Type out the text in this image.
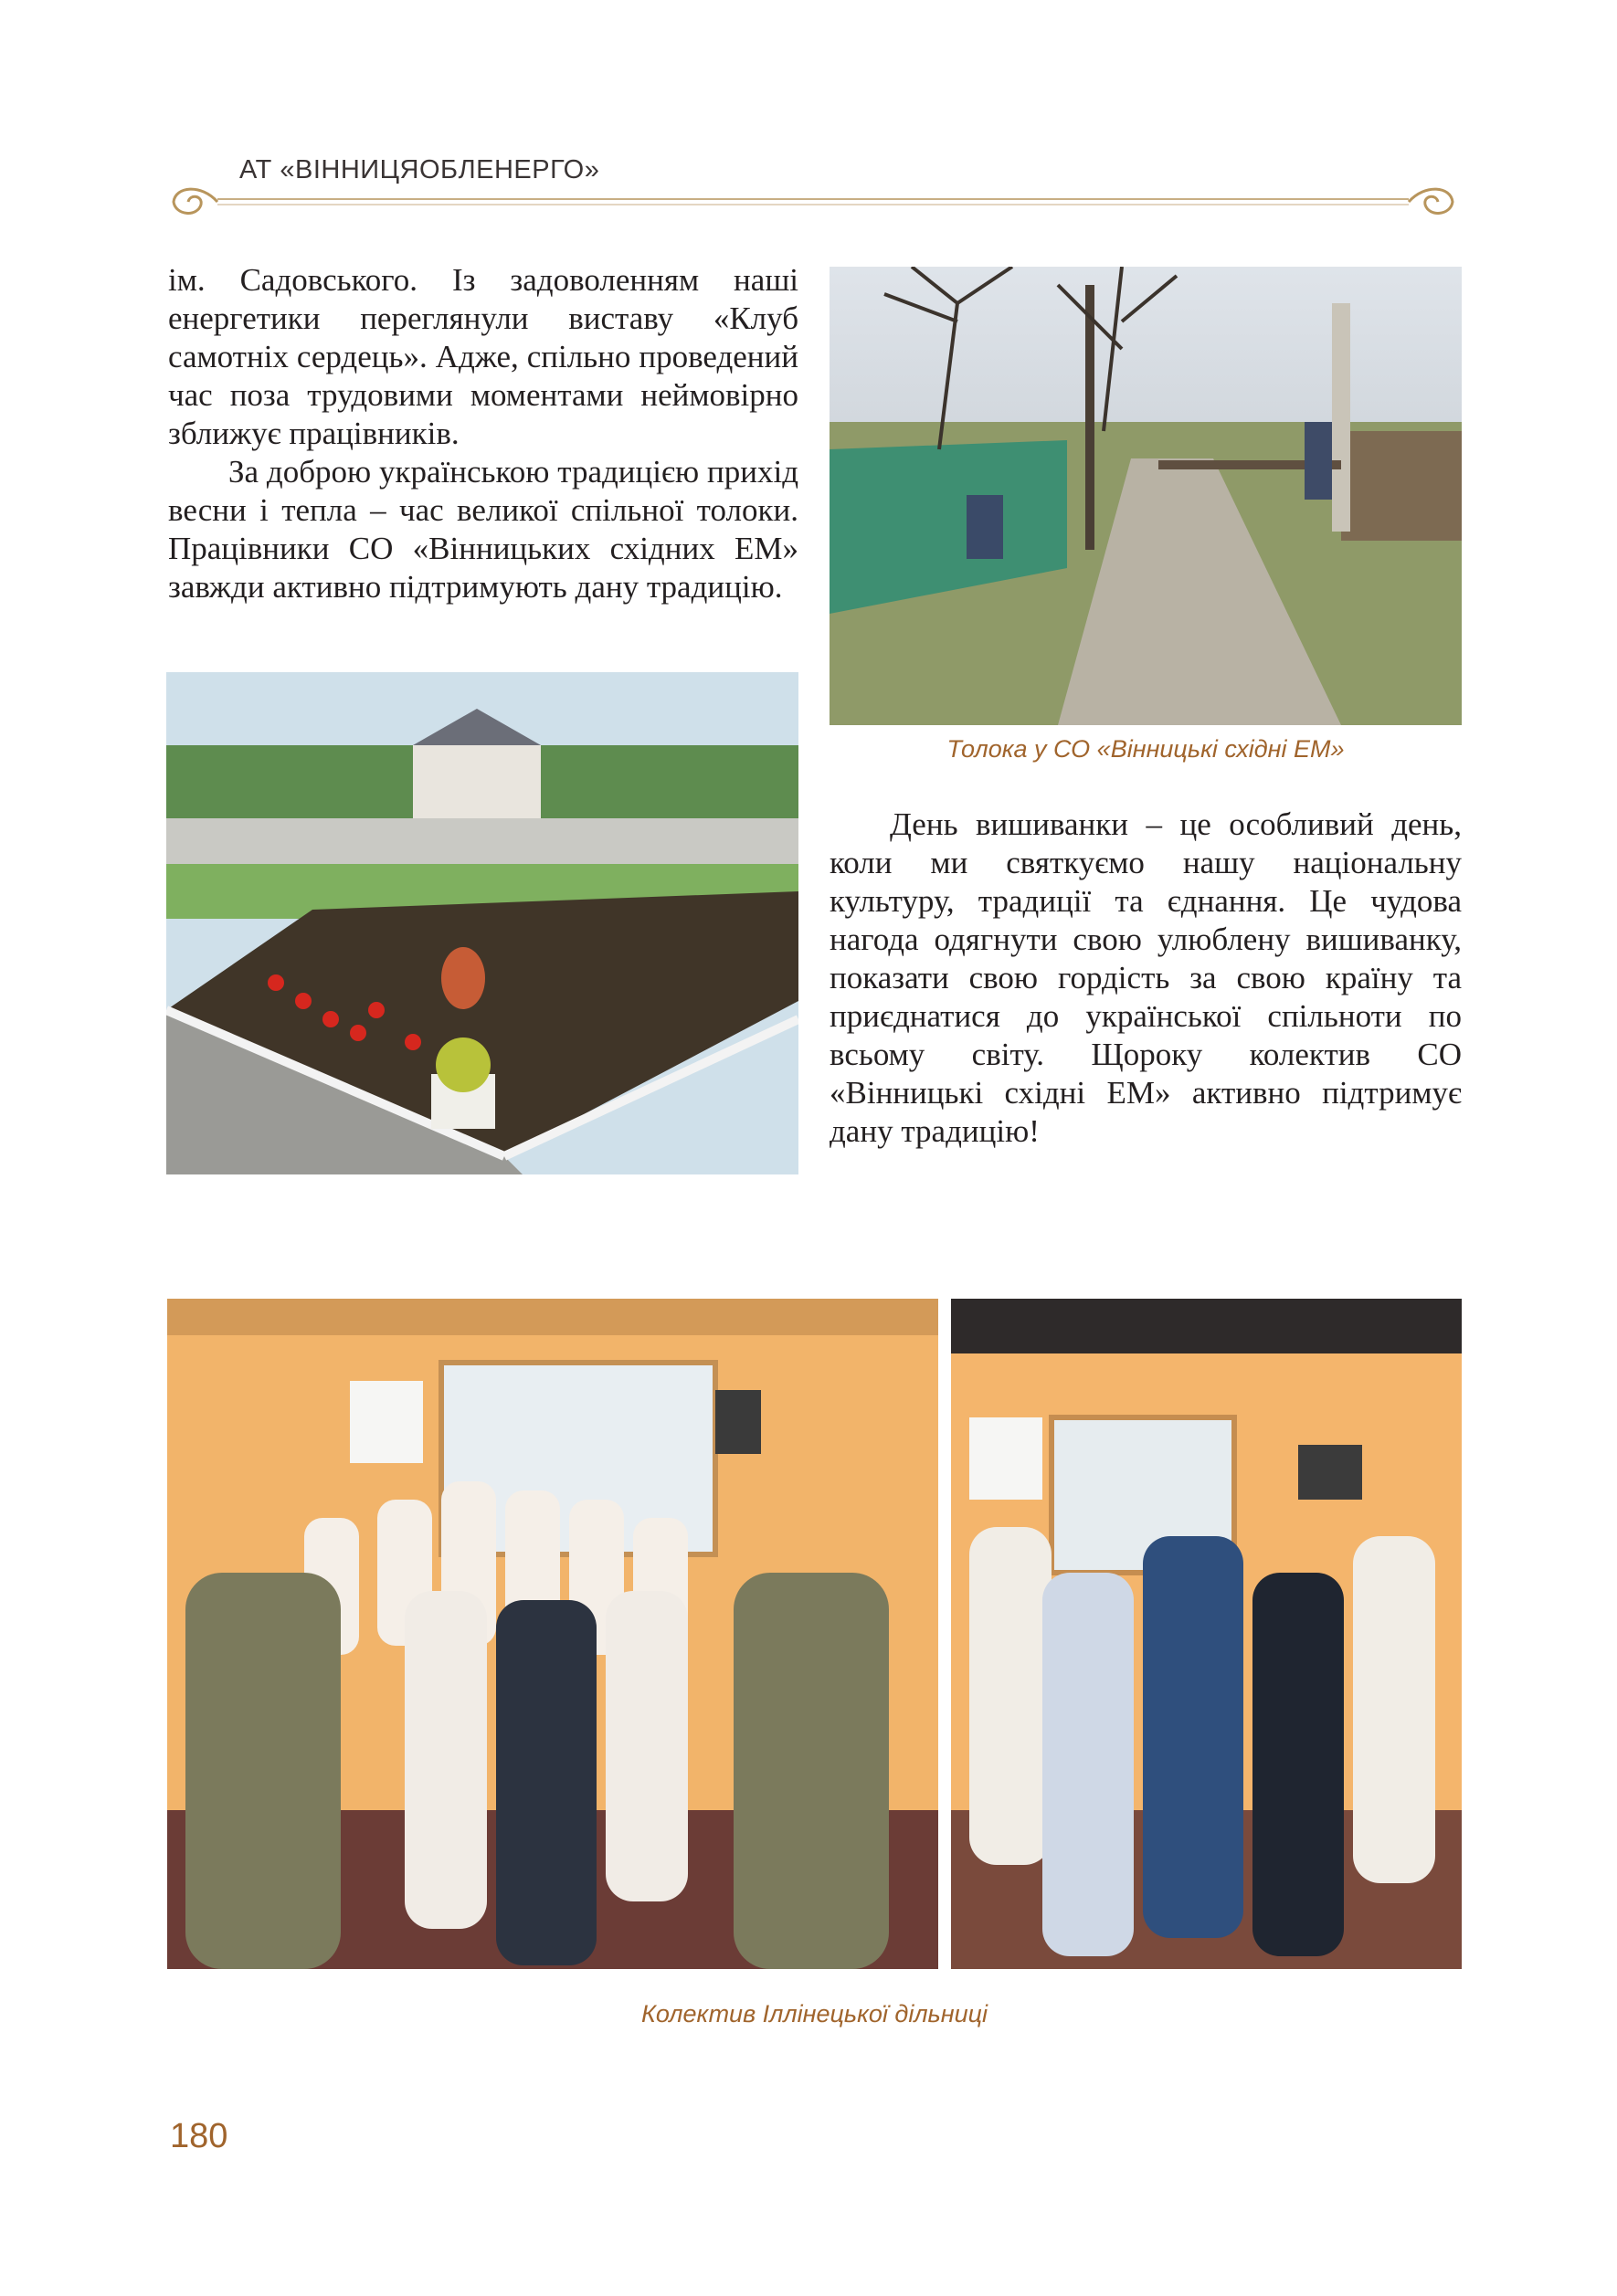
АТ «ВІННИЦЯОБЛЕНЕРГО»

ім. Садовського. Із задоволенням наші енергетики переглянули виставу «Клуб самотніх сердець». Адже, спільно проведений час поза трудовими моментами неймовірно зближує працівників.

За доброю українською традицією прихід весни і тепла – час великої спільної толоки. Працівники СО «Вінницьких східних ЕМ» завжди активно підтримують дану традицію.

Толока у СО «Вінницькі східні ЕМ»

День вишиванки – це особливий день, коли ми святкуємо нашу національну культуру, традиції та єднання. Це чудова нагода одягнути свою улюблену вишиванку, показати свою гордість за свою країну та приєднатися до української спільноти по всьому світу. Щороку колектив СО «Вінницькі східні ЕМ» активно підтримує дану традицію!

Колектив Іллінецької дільниці
180
